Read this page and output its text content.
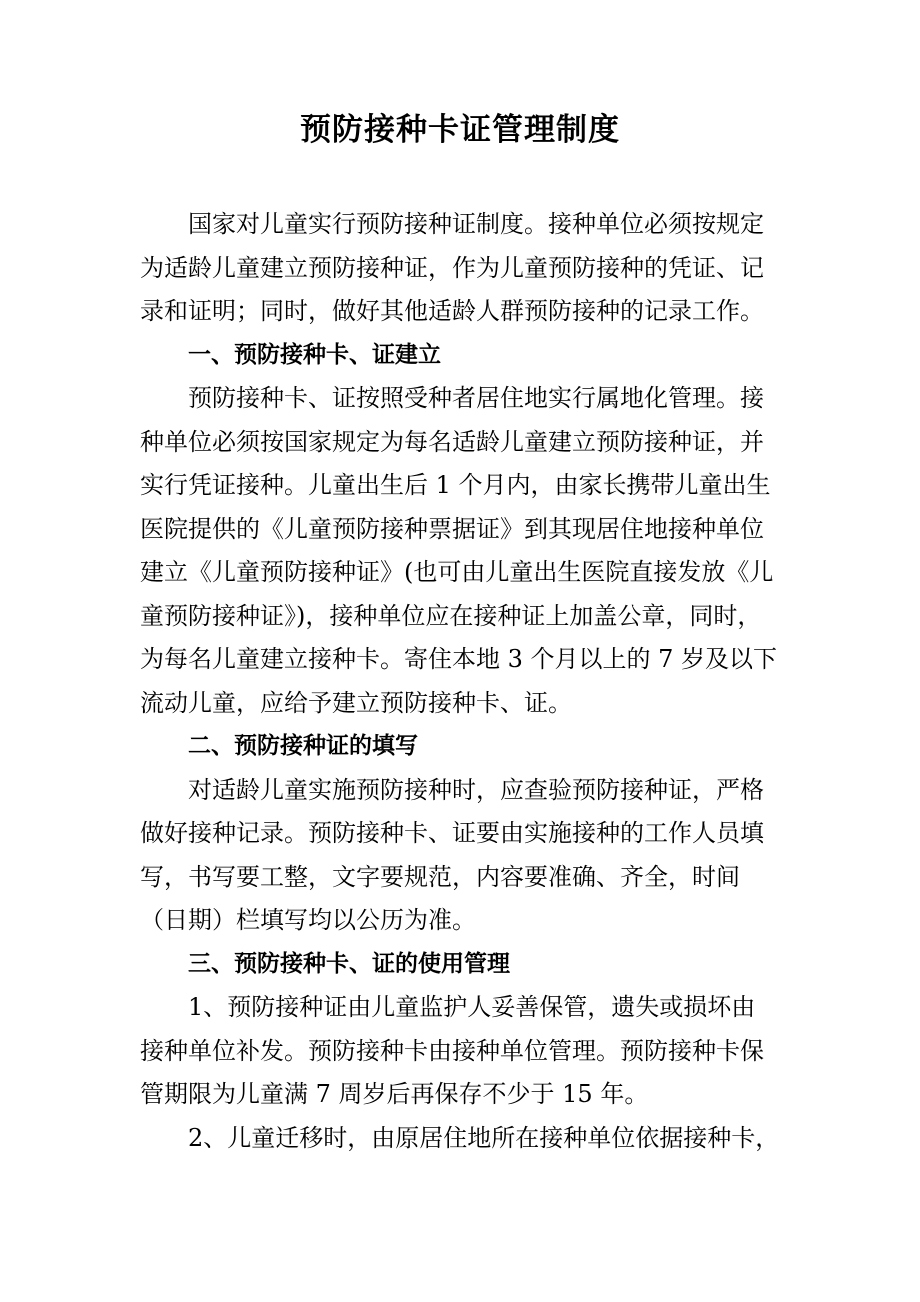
预防接种卡证管理制度
国家对儿童实行预防接种证制度。接种单位必须按规定
为适龄儿童建立预防接种证，作为儿童预防接种的凭证、记
录和证明；同时，做好其他适龄人群预防接种的记录工作。
一、预防接种卡、证建立
预防接种卡、证按照受种者居住地实行属地化管理。接
种单位必须按国家规定为每名适龄儿童建立预防接种证，并
实行凭证接种。儿童出生后 1 个月内，由家长携带儿童出生
医院提供的《儿童预防接种票据证》到其现居住地接种单位
建立《儿童预防接种证》(也可由儿童出生医院直接发放《儿
童预防接种证》)，接种单位应在接种证上加盖公章，同时，
为每名儿童建立接种卡。寄住本地 3 个月以上的 7 岁及以下
流动儿童，应给予建立预防接种卡、证。
二、预防接种证的填写
对适龄儿童实施预防接种时，应查验预防接种证，严格
做好接种记录。预防接种卡、证要由实施接种的工作人员填
写，书写要工整，文字要规范，内容要准确、齐全，时间
（日期）栏填写均以公历为准。
三、预防接种卡、证的使用管理
1、预防接种证由儿童监护人妥善保管，遗失或损坏由
接种单位补发。预防接种卡由接种单位管理。预防接种卡保
管期限为儿童满 7 周岁后再保存不少于 15 年。
2、儿童迁移时，由原居住地所在接种单位依据接种卡，
